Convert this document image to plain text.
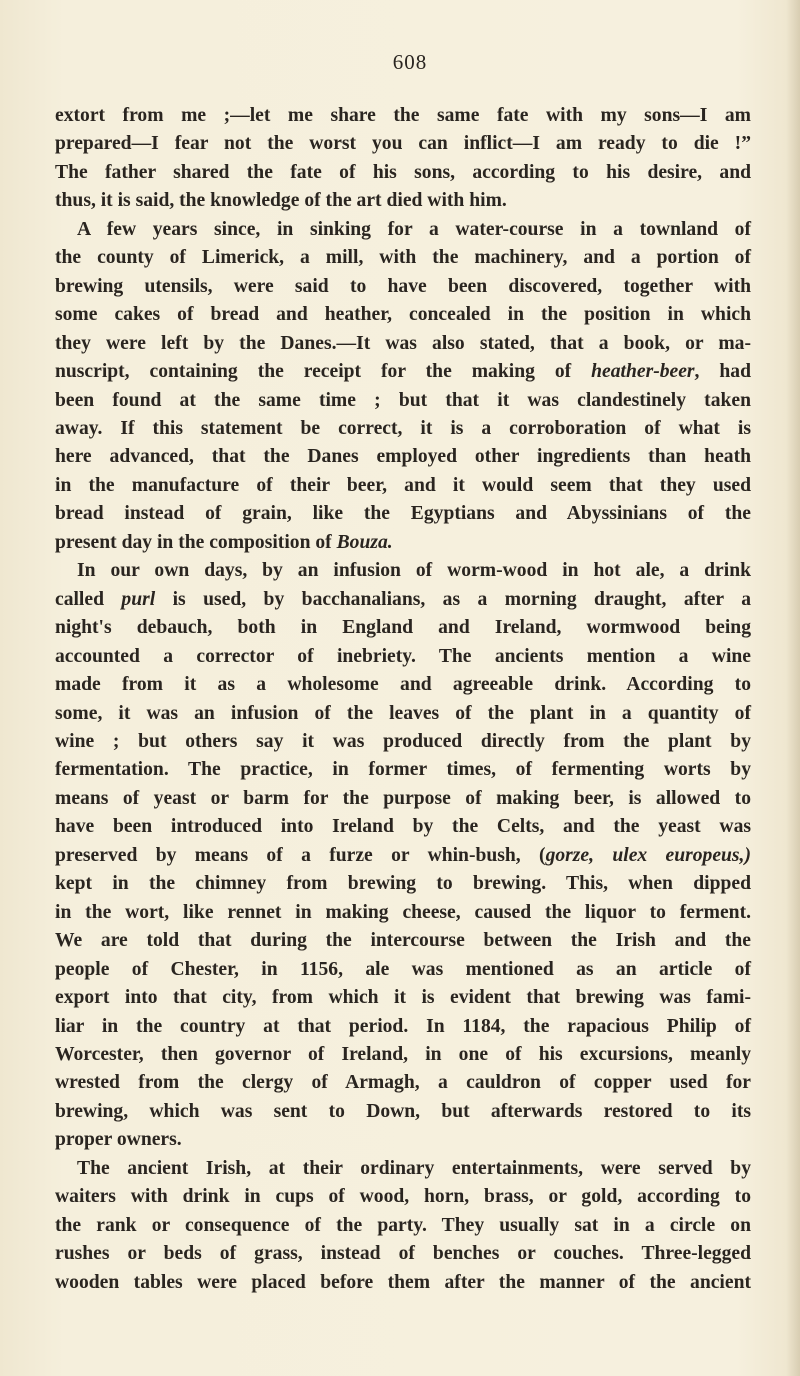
608
extort from me ;—let me share the same fate with my sons—I am
prepared—I fear not the worst you can inflict—I am ready to die !”
The father shared the fate of his sons, according to his desire, and
thus, it is said, the knowledge of the art died with him.
A few years since, in sinking for a water-course in a townland of
the county of Limerick, a mill, with the machinery, and a portion of
brewing utensils, were said to have been discovered, together with
some cakes of bread and heather, concealed in the position in which
they were left by the Danes.—It was also stated, that a book, or ma-
nuscript, containing the receipt for the making of heather-beer, had
been found at the same time ; but that it was clandestinely taken
away. If this statement be correct, it is a corroboration of what is
here advanced, that the Danes employed other ingredients than heath
in the manufacture of their beer, and it would seem that they used
bread instead of grain, like the Egyptians and Abyssinians of the
present day in the composition of Bouza.
In our own days, by an infusion of worm-wood in hot ale, a drink
called purl is used, by bacchanalians, as a morning draught, after a
night's debauch, both in England and Ireland, wormwood being
accounted a corrector of inebriety. The ancients mention a wine
made from it as a wholesome and agreeable drink. According to
some, it was an infusion of the leaves of the plant in a quantity of
wine ; but others say it was produced directly from the plant by
fermentation. The practice, in former times, of fermenting worts by
means of yeast or barm for the purpose of making beer, is allowed to
have been introduced into Ireland by the Celts, and the yeast was
preserved by means of a furze or whin-bush, (gorze, ulex europeus,)
kept in the chimney from brewing to brewing. This, when dipped
in the wort, like rennet in making cheese, caused the liquor to ferment.
We are told that during the intercourse between the Irish and the
people of Chester, in 1156, ale was mentioned as an article of
export into that city, from which it is evident that brewing was fami-
liar in the country at that period. In 1184, the rapacious Philip of
Worcester, then governor of Ireland, in one of his excursions, meanly
wrested from the clergy of Armagh, a cauldron of copper used for
brewing, which was sent to Down, but afterwards restored to its
proper owners.
The ancient Irish, at their ordinary entertainments, were served by
waiters with drink in cups of wood, horn, brass, or gold, according to
the rank or consequence of the party. They usually sat in a circle on
rushes or beds of grass, instead of benches or couches. Three-legged
wooden tables were placed before them after the manner of the ancient
